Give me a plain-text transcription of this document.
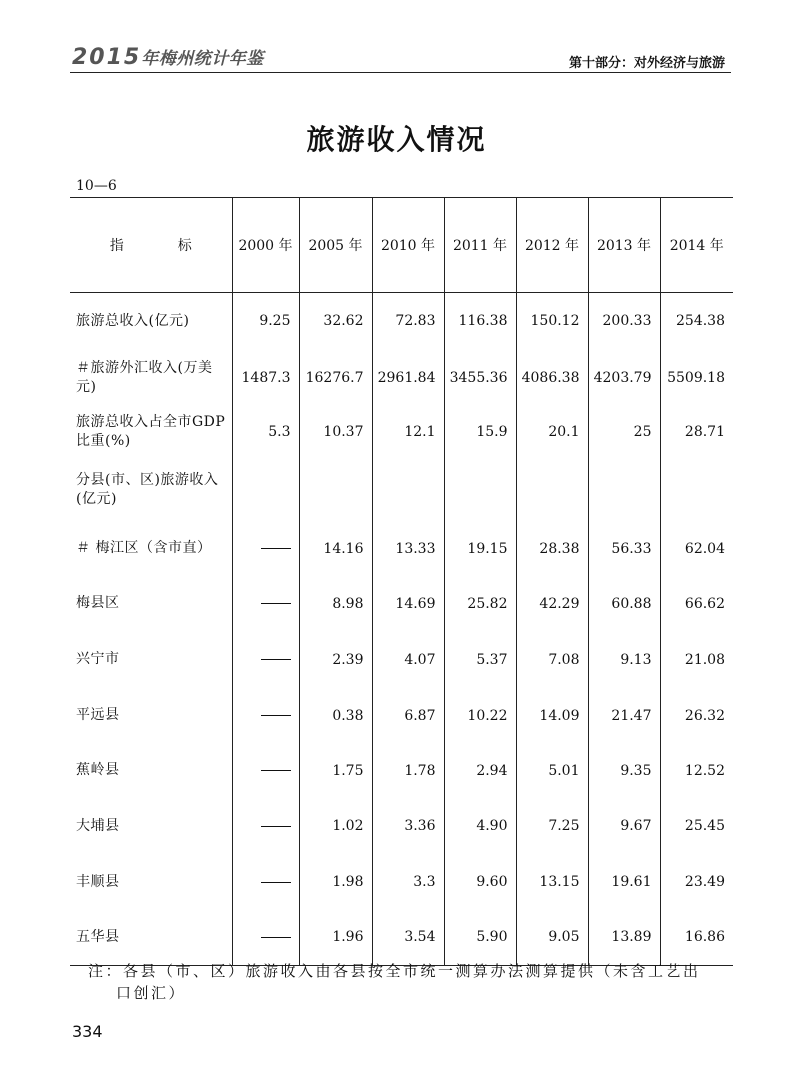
2015年梅州统计年鉴	第十部分：对外经济与旅游
旅游收入情况
10—6
指 标	2000 年	2005 年	2010 年	2011 年	2012 年	2013 年	2014 年
旅游总收入(亿元)	9.25	32.62	72.83	116.38	150.12	200.33	254.38
＃旅游外汇收入(万美元)	1487.3	16276.7	2961.84	3455.36	4086.38	4203.79	5509.18
旅游总收入占全市GDP比重(%)	5.3	10.37	12.1	15.9	20.1	25	28.71
分县(市、区)旅游收入(亿元)							
＃ 梅江区（含市直）		14.16	13.33	19.15	28.38	56.33	62.04
梅县区		8.98	14.69	25.82	42.29	60.88	66.62
兴宁市		2.39	4.07	5.37	7.08	9.13	21.08
平远县		0.38	6.87	10.22	14.09	21.47	26.32
蕉岭县		1.75	1.78	2.94	5.01	9.35	12.52
大埔县		1.02	3.36	4.90	7.25	9.67	25.45
丰顺县		1.98	3.3	9.60	13.15	19.61	23.49
五华县		1.96	3.54	5.90	9.05	13.89	16.86
注：各县（市、区）旅游收入由各县按全市统一测算办法测算提供（未含工艺出
口创汇）
334
